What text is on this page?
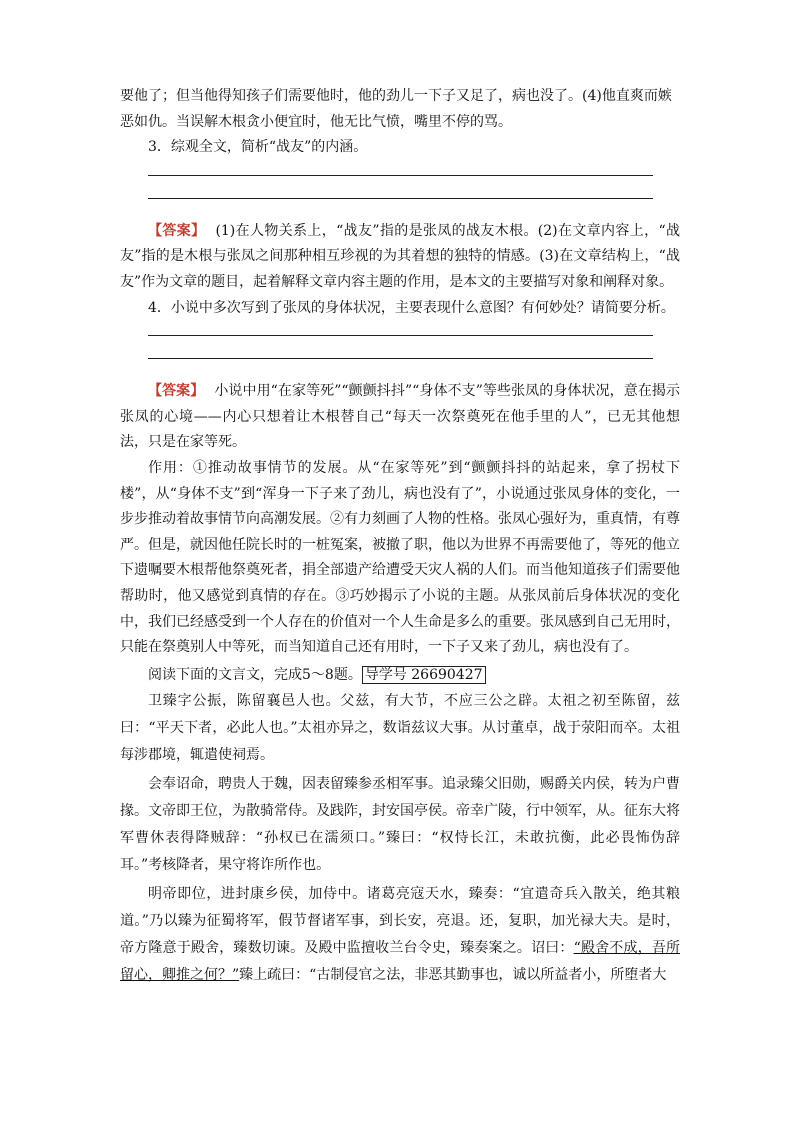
要他了；但当他得知孩子们需要他时，他的劲儿一下子又足了，病也没了。(4)他直爽而嫉

恶如仇。当误解木根贪小便宜时，他无比气愤，嘴里不停的骂。

3．综观全文，简析“战友”的内涵。

【答案】 (1)在人物关系上，“战友”指的是张凤的战友木根。(2)在文章内容上，“战友”指的是木根与张凤之间那种相互珍视的为其着想的独特的情感。(3)在文章结构上，“战友”作为文章的题目，起着解释文章内容主题的作用，是本文的主要描写对象和阐释对象。

4．小说中多次写到了张凤的身体状况，主要表现什么意图？有何妙处？请简要分析。

【答案】 小说中用“在家等死”“颤颤抖抖”“身体不支”等些张凤的身体状况，意在揭示张凤的心境——内心只想着让木根替自己“每天一次祭奠死在他手里的人”，已无其他想法，只是在家等死。

作用：①推动故事情节的发展。从“在家等死”到“颤颤抖抖的站起来，拿了拐杖下楼”，从“身体不支”到“浑身一下子来了劲儿，病也没有了”，小说通过张凤身体的变化，一步步推动着故事情节向高潮发展。②有力刻画了人物的性格。张凤心强好为，重真情，有尊严。但是，就因他任院长时的一桩冤案，被撤了职，他以为世界不再需要他了，等死的他立下遗嘱要木根帮他祭奠死者，捐全部遗产给遭受天灾人祸的人们。而当他知道孩子们需要他帮助时，他又感觉到真情的存在。③巧妙揭示了小说的主题。从张凤前后身体状况的变化中，我们已经感受到一个人存在的价值对一个人生命是多么的重要。张凤感到自己无用时，只能在祭奠别人中等死，而当知道自己还有用时，一下子又来了劲儿，病也没有了。

阅读下面的文言文，完成5～8题。 导学号 26690427

卫臻字公振，陈留襄邑人也。父兹，有大节，不应三公之辟。太祖之初至陈留，兹曰：“平天下者，必此人也。”太祖亦异之，数诣兹议大事。从讨董卓，战于荥阳而卒。太祖每涉郡境，辄遣使祠焉。

会奉诏命，聘贵人于魏，因表留臻参丞相军事。追录臻父旧勋，赐爵关内侯，转为户曹掾。文帝即王位，为散骑常侍。及践阼，封安国亭侯。帝幸广陵，行中领军，从。征东大将军曹休表得降贼辞：“孙权已在濡须口。”臻曰：“权恃长江，未敢抗衡，此必畏怖伪辞耳。”考核降者，果守将诈所作也。

明帝即位，进封康乡侯，加侍中。诸葛亮寇天水，臻奏：“宜遣奇兵入散关，绝其粮道。”乃以臻为征蜀将军，假节督诸军事，到长安，亮退。还，复职，加光禄大夫。是时，帝方隆意于殿舍，臻数切谏。及殿中监擅收兰台令史，臻奏案之。诏曰：“殿舍不成，吾所留心，卿推之何？”臻上疏曰：“古制侵官之法，非恶其勤事也，诚以所益者小，所堕者大
